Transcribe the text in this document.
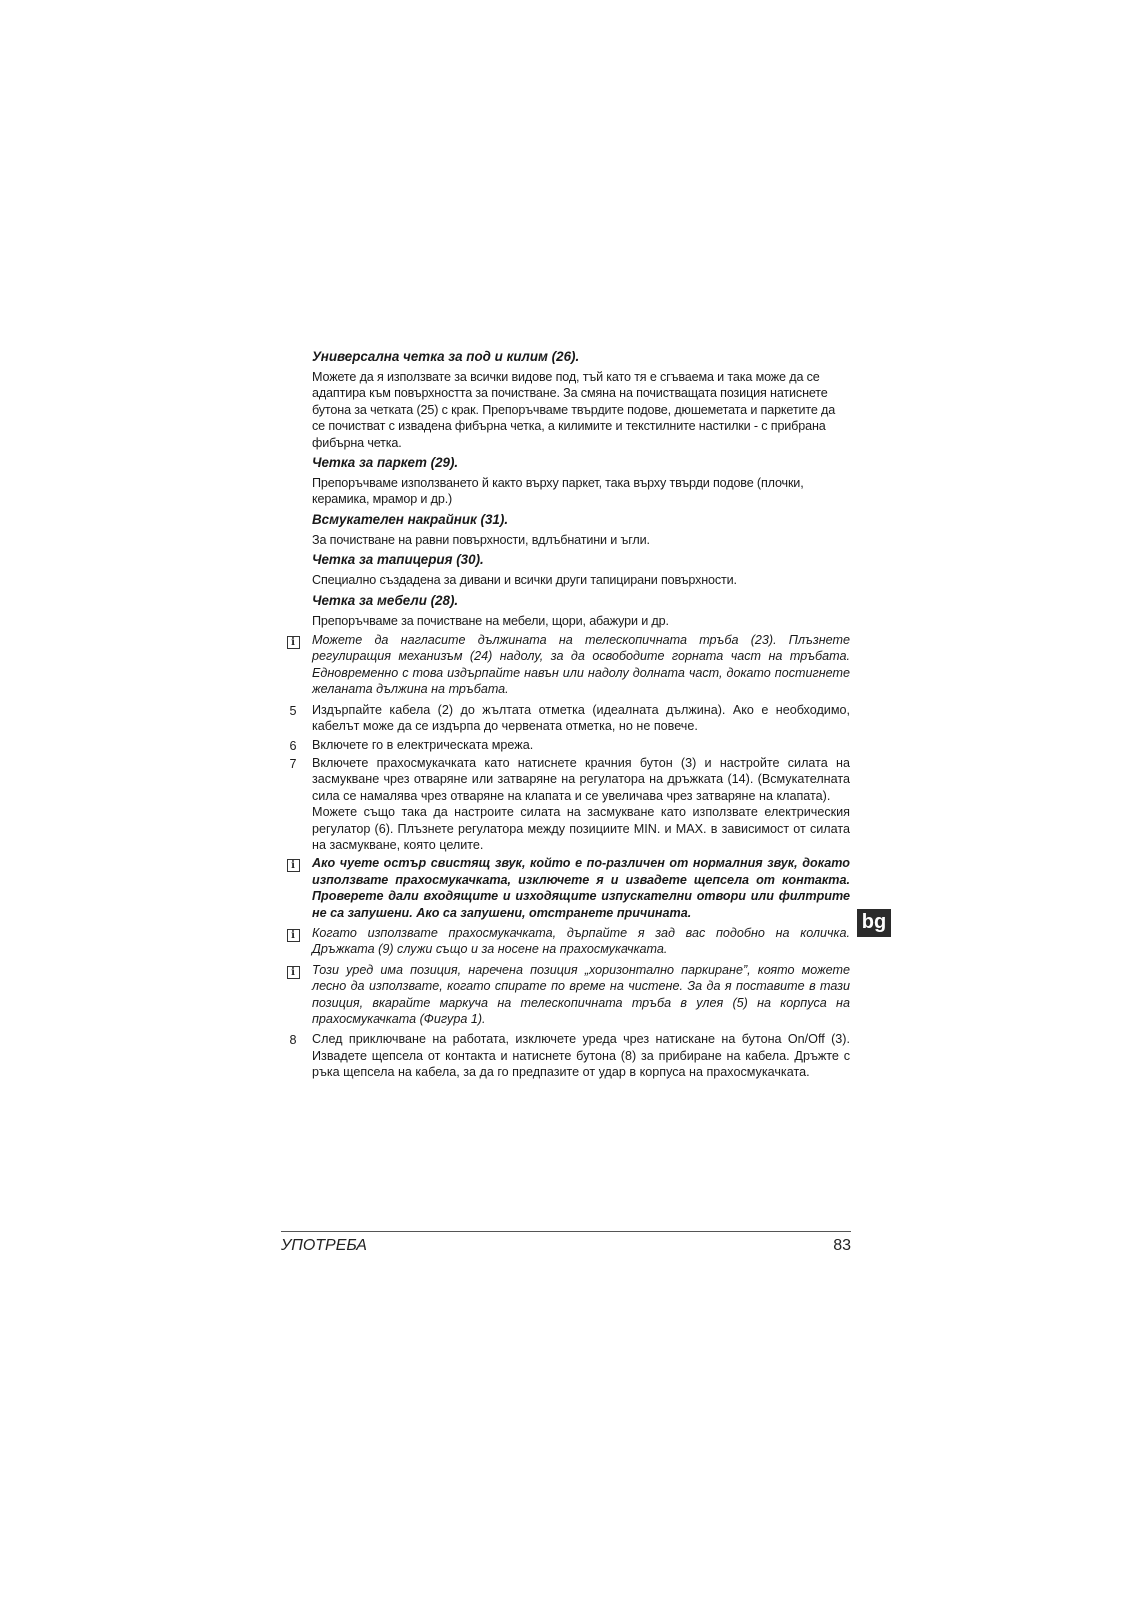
Универсална четка за под и килим (26).
Можете да я използвате за всички видове под, тъй като тя е сгъваема и така може да се адаптира към повърхността за почистване. За смяна на почистващата позиция натиснете бутона за четката (25) с крак. Препоръчваме твърдите подове, дюшеметата и паркетите да се почистват с извадена фибърна четка, а килимите и текстилните настилки - с прибрана фибърна четка.
Четка за паркет (29).
Препоръчваме използването й както върху паркет, така върху твърди подове (плочки, керамика, мрамор и др.)
Всмукателен накрайник (31).
За почистване на равни повърхности, вдлъбнатини и ъгли.
Четка за тапицерия (30).
Специално създадена за дивани и всички други тапицирани повърхности.
Четка за мебели (28).
Препоръчваме за почистване на мебели, щори, абажури и др.
i	Можете да нагласите дължината на телескопичната тръба (23). Плъзнете регулиращия механизъм (24) надолу, за да освободите горната част на тръбата. Едновременно с това издърпайте навън или надолу долната част, докато постигнете желаната дължина на тръбата.
5	Издърпайте кабела (2) до жълтата отметка (идеалната дължина). Ако е необходимо, кабелът може да се издърпа до червената отметка, но не повече.
6	Включете го в електрическата мрежа.
7	Включете прахосмукачката като натиснете крачния бутон (3) и настройте силата на засмукване чрез отваряне или затваряне на регулатора на дръжката (14). (Всмукателната сила се намалява чрез отваряне на клапата и се увеличава чрез затваряне на клапата).
Можете също така да настроите силата на засмукване като използвате електрическия регулатор (6). Плъзнете регулатора между позициите MIN. и MAX. в зависимост от силата на засмукване, която целите.
i	Ако чуете остър свистящ звук, който е по-различен от нормалния звук, докато използвате прахосмукачката, изключете я и извадете щепсела от контакта. Проверете дали входящите и изходящите изпускателни отвори или филтрите не са запушени. Ако са запушени, отстранете причината.
i	Когато използвате прахосмукачката, дърпайте я зад вас подобно на количка. Дръжката (9) служи също и за носене на прахосмукачката.
i	Този уред има позиция, наречена позиция „хоризонтално паркиране”, която можете лесно да използвате, когато спирате по време на чистене. За да я поставите в тази позиция, вкарайте маркуча на телескопичната тръба в улея (5) на корпуса на прахосмукачката (Фигура 1).
8	След приключване на работата, изключете уреда чрез натискане на бутона On/Off (3). Извадете щепсела от контакта и натиснете бутона (8) за прибиране на кабела. Дръжте с ръка щепсела на кабела, за да го предпазите от удар в корпуса на прахосмукачката.
bg
УПОТРЕБА	83
